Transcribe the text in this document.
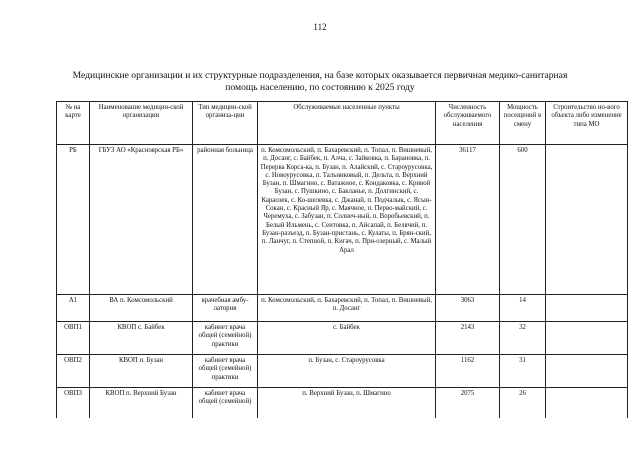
112
Медицинские организации и их структурные подразделения, на базе которых оказывается первичная медико-санитарная
помощь населению, по состоянию к 2025 году
№ на карте	Наименование медицин-ской организации	Тип медицин-ской организа-ции	Обслуживаемые населенные пункты	Численность обслуживаемого населения	Мощность посещений в смену	Строительство но-вого объекта либо изменение типа МО
РБ	ГБУЗ АО «Красноярская РБ»	районная больница	п. Комсомольский, п. Бахаревский, п. Топал, п. Вишневый, п. Досанг, с. Байбек, п. Алча, с. Зайковка, п. Барановка, п. Перерва Корса-ка, п. Бузан, п. Алайский, с. Староурусовка, с. Новоурусовка, п. Тальниковый, п. Дельта, п. Верхний Бузан, п. Шмагино, с. Ватажное, с. Кондаковка, с. Кривой Бузан, с. Пушкино, с. Бакланье, п. Долгинский, с. Караозек, с. Ко-шелевка, с. Джанай, п. Подчалык, с. Ясын-Сокан, с. Красный Яр, с. Маячное, п. Перво-майский, с. Черемуха, с. Забузан, п. Солнеч-ный, п. Воробьевский, п. Белый Ильмень, с. Сеитовка, п. Айсапай, п. Белячий, п. Бузан-разъезд, п. Бузан-пристань, с. Кулаты, п. Брян-ский, п. Ланчуг, п. Степной, п. Кигач, п. При-озерный, с. Малый Арал	36117	600	
А1	ВА п. Комсомольский	врачебная амбу-латория	п. Комсомольский, п. Бахаревский, п. Топал, п. Вишневый, п. Досанг	3063	14	
ОВП1	КВОП с. Байбек	кабинет врача общей (семейной) практики	с. Байбек	2143	32	
ОВП2	КВОП п. Бузан	кабинет врача общей (семейной) практики	п. Бузан, с. Староурусовка	1162	31	
ОВП3	КВОП п. Верхний Бузан	кабинет врача общей (семейной)	п. Верхний Бузан, п. Шмагино	2075	26	
